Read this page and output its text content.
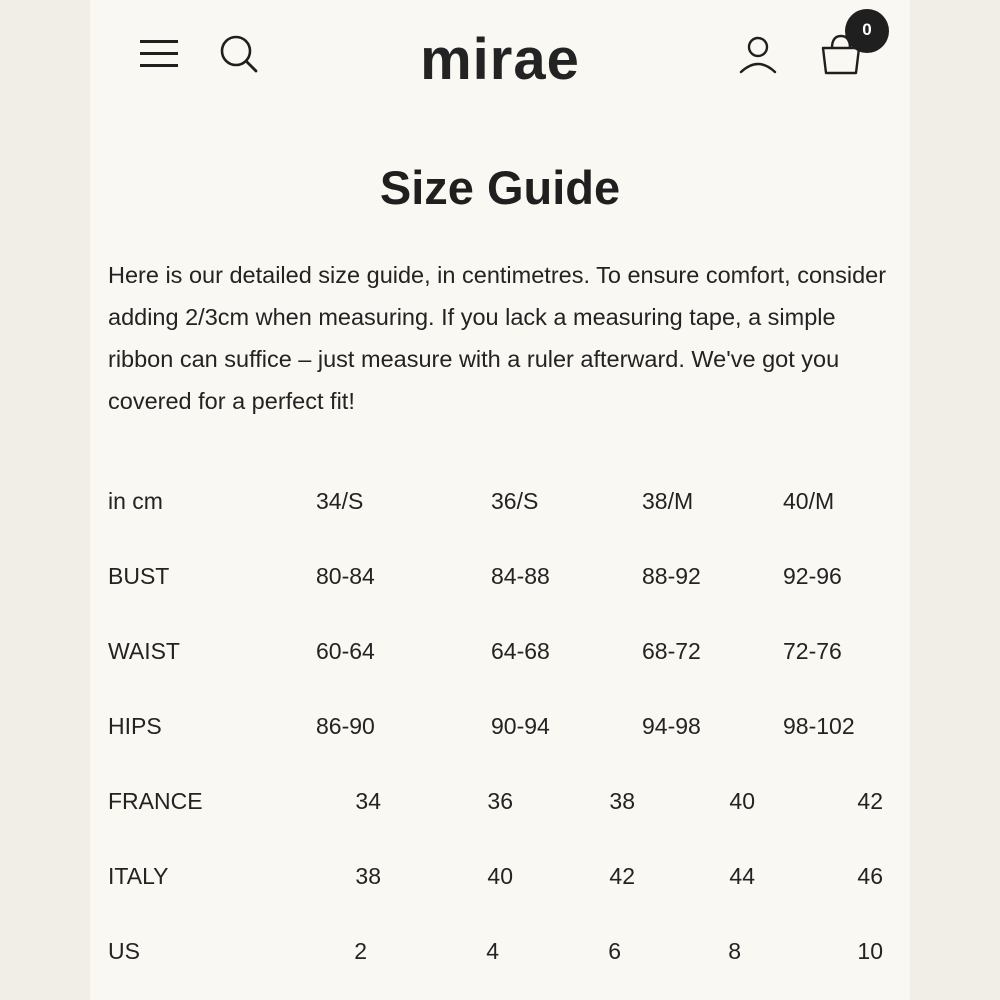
mirae	0
Size Guide

Here is our detailed size guide, in centimetres. To ensure comfort, consider adding 2/3cm when measuring. If you lack a measuring tape, a simple ribbon can suffice – just measure with a ruler afterward. We've got you covered for a perfect fit!

in cm	34/S	36/S	38/M	40/M
BUST	80-84	84-88	88-92	92-96
WAIST	60-64	64-68	68-72	72-76
HIPS	86-90	90-94	94-98	98-102
FRANCE	34	36	38	40	42
ITALY	38	40	42	44	46
US	2	4	6	8	10
